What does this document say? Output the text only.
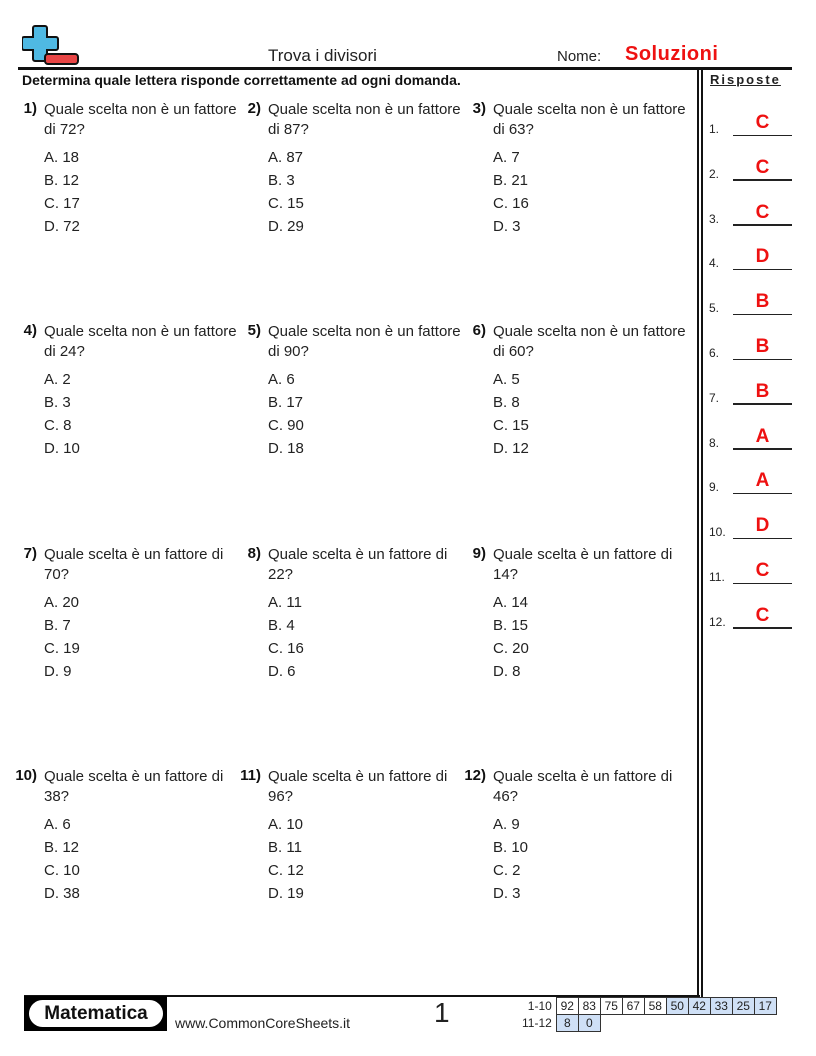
Trova i divisori	Nome: Soluzioni
Determina quale lettera risponde correttamente ad ogni domanda.
1) Quale scelta non è un fattore di 72?
A. 18
B. 12
C. 17
D. 72
2) Quale scelta non è un fattore di 87?
A. 87
B. 3
C. 15
D. 29
3) Quale scelta non è un fattore di 63?
A. 7
B. 21
C. 16
D. 3
4) Quale scelta non è un fattore di 24?
A. 2
B. 3
C. 8
D. 10
5) Quale scelta non è un fattore di 90?
A. 6
B. 17
C. 90
D. 18
6) Quale scelta non è un fattore di 60?
A. 5
B. 8
C. 15
D. 12
7) Quale scelta è un fattore di 70?
A. 20
B. 7
C. 19
D. 9
8) Quale scelta è un fattore di 22?
A. 11
B. 4
C. 16
D. 6
9) Quale scelta è un fattore di 14?
A. 14
B. 15
C. 20
D. 8
10) Quale scelta è un fattore di 38?
A. 6
B. 12
C. 10
D. 38
11) Quale scelta è un fattore di 96?
A. 10
B. 11
C. 12
D. 19
12) Quale scelta è un fattore di 46?
A. 9
B. 10
C. 2
D. 3
Risposte
1.	C
2.	C
3.	C
4.	D
5.	B
6.	B
7.	B
8.	A
9.	A
10.	D
11.	C
12.	C
Matematica	www.CommonCoreSheets.it	1	1-10	92	83	75	67	58	50	42	33	25	17
11-12	8	0								
